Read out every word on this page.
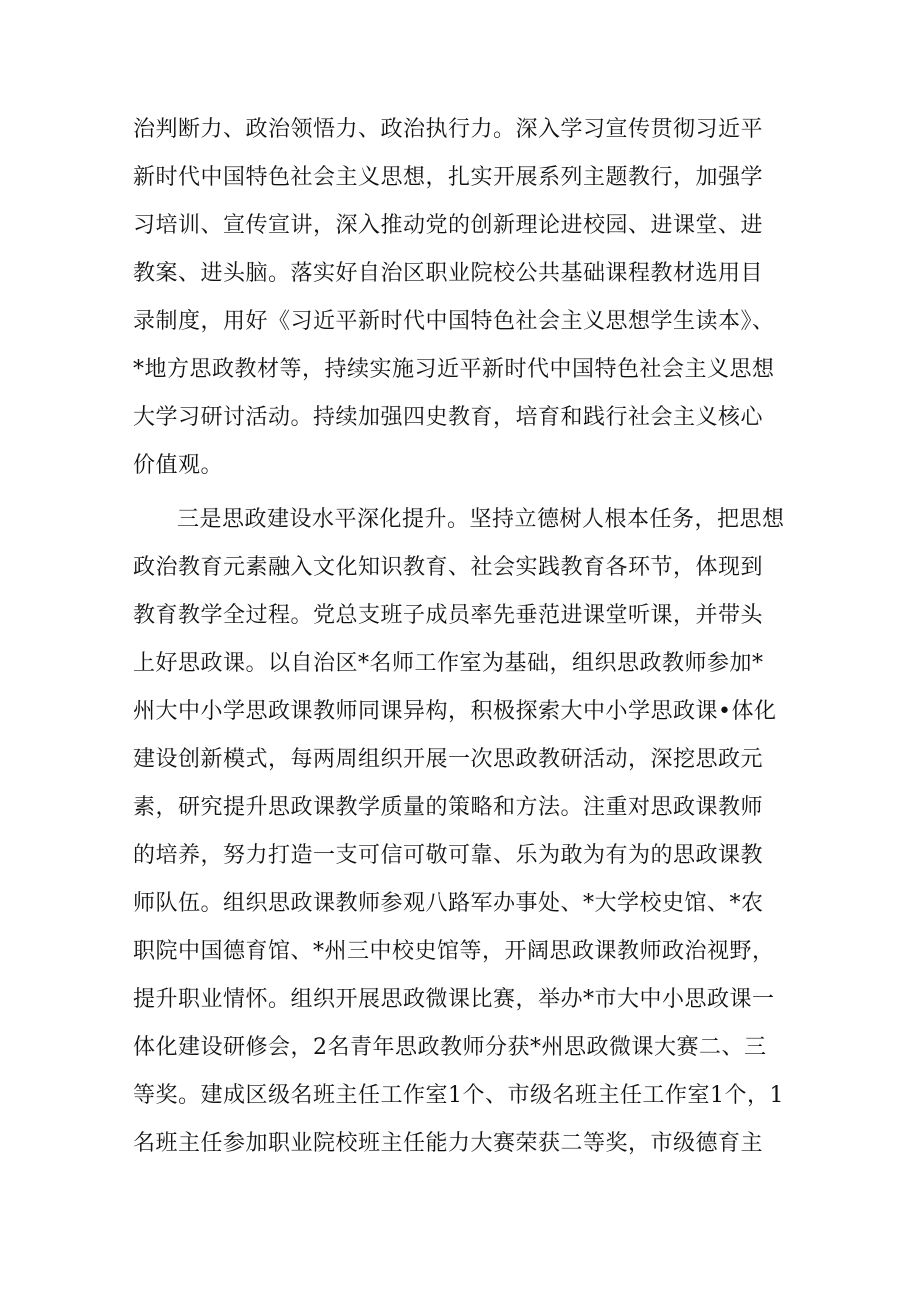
治判断力、政治领悟力、政治执行力。深入学习宣传贯彻习近平
新时代中国特色社会主义思想，扎实开展系列主题教行，加强学
习培训、宣传宣讲，深入推动党的创新理论进校园、进课堂、进
教案、进头脑。落实好自治区职业院校公共基础课程教材选用目
录制度，用好《习近平新时代中国特色社会主义思想学生读本》、
*地方思政教材等，持续实施习近平新时代中国特色社会主义思想
大学习研讨活动。持续加强四史教育，培育和践行社会主义核心
价值观。
三是思政建设水平深化提升。坚持立德树人根本任务，把思想
政治教育元素融入文化知识教育、社会实践教育各环节，体现到
教育教学全过程。党总支班子成员率先垂范进课堂听课，并带头
上好思政课。以自治区*名师工作室为基础，组织思政教师参加*
州大中小学思政课教师同课异构，积极探索大中小学思政课•体化
建设创新模式，每两周组织开展一次思政教研活动，深挖思政元
素，研究提升思政课教学质量的策略和方法。注重对思政课教师
的培养，努力打造一支可信可敬可靠、乐为敢为有为的思政课教
师队伍。组织思政课教师参观八路军办事处、*大学校史馆、*农
职院中国德育馆、*州三中校史馆等，开阔思政课教师政治视野，
提升职业情怀。组织开展思政微课比赛，举办*市大中小思政课一
体化建设研修会，2名青年思政教师分获*州思政微课大赛二、三
等奖。建成区级名班主任工作室1个、市级名班主任工作室1个，1
名班主任参加职业院校班主任能力大赛荣获二等奖，市级德育主
